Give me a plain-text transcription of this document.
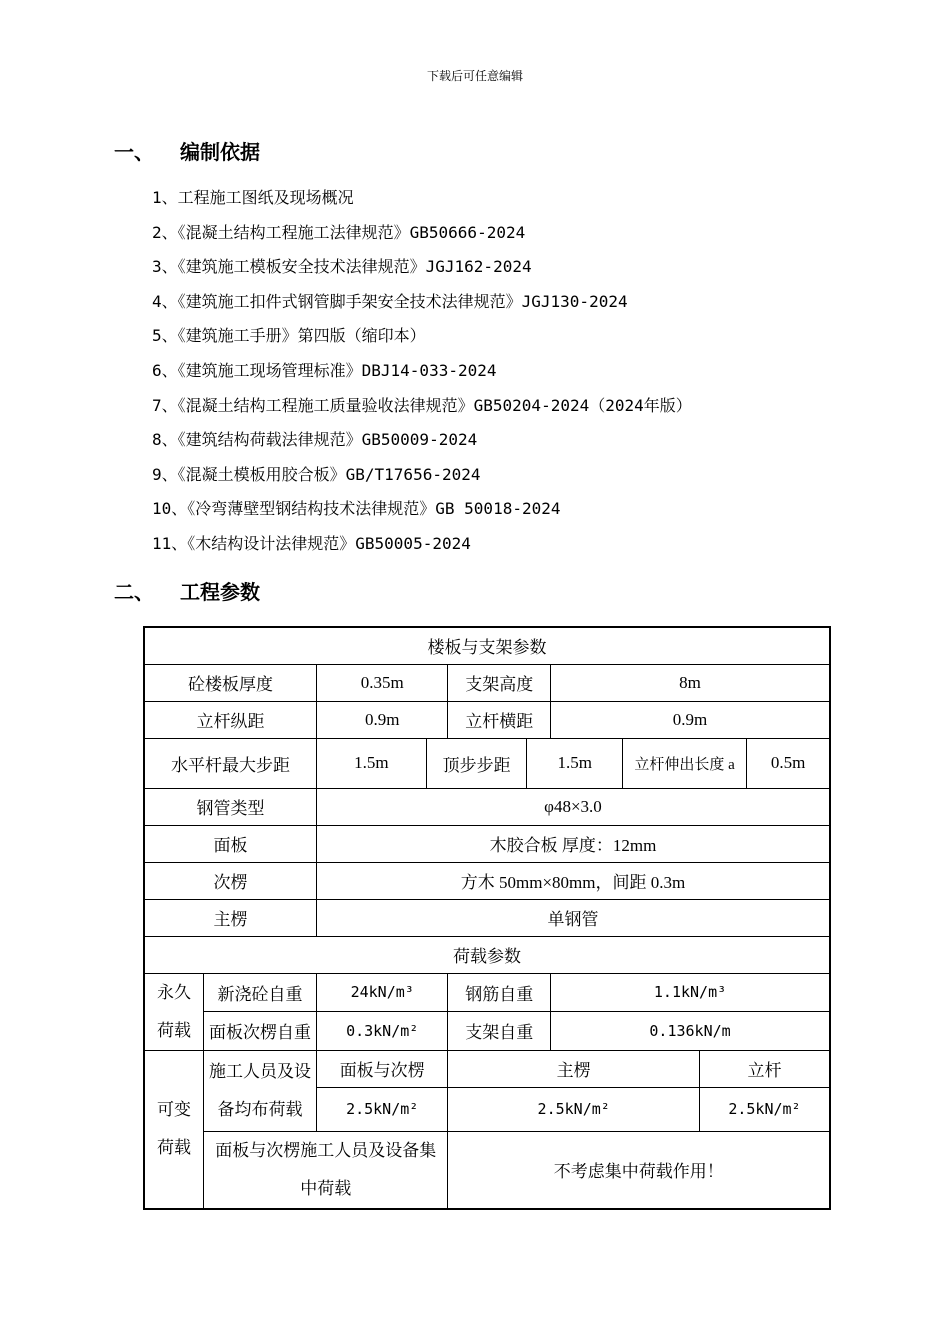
下载后可任意编辑
一、 编制依据
1、工程施工图纸及现场概况
2、《混凝土结构工程施工法律规范》GB50666-2024
3、《建筑施工模板安全技术法律规范》JGJ162-2024
4、《建筑施工扣件式钢管脚手架安全技术法律规范》JGJ130-2024
5、《建筑施工手册》第四版（缩印本）
6、《建筑施工现场管理标准》DBJ14-033-2024
7、《混凝土结构工程施工质量验收法律规范》GB50204-2024（2024年版）
8、《建筑结构荷载法律规范》GB50009-2024
9、《混凝土模板用胶合板》GB/T17656-2024
10、《冷弯薄壁型钢结构技术法律规范》GB 50018-2024
11、《木结构设计法律规范》GB50005-2024
二、 工程参数
楼板与支架参数									
砼楼板厚度		0.35m		支架高度		8m			
立杆纵距		0.9m		立杆横距		0.9m			
水平杆最大步距		1.5m	顶步步距		1.5m		立杆伸出长度 a		0.5m
钢管类型		φ48×3.0							
面板		木胶合板 厚度：12mm							
次楞		方木 50mm×80mm，间距 0.3m							
主楞		单钢管							
荷载参数									
永久荷载	新浇砼自重	24kN/m³		钢筋自重		1.1kN/m³			
	面板次楞自重	0.3kN/m²		支架自重		0.136kN/m			
可变荷载	施工人员及设备均布荷载	面板与次楞		主楞				立杆	
		2.5kN/m²		2.5kN/m²				2.5kN/m²	
	面板与次楞施工人员及设备集中荷载			不考虑集中荷载作用！					
